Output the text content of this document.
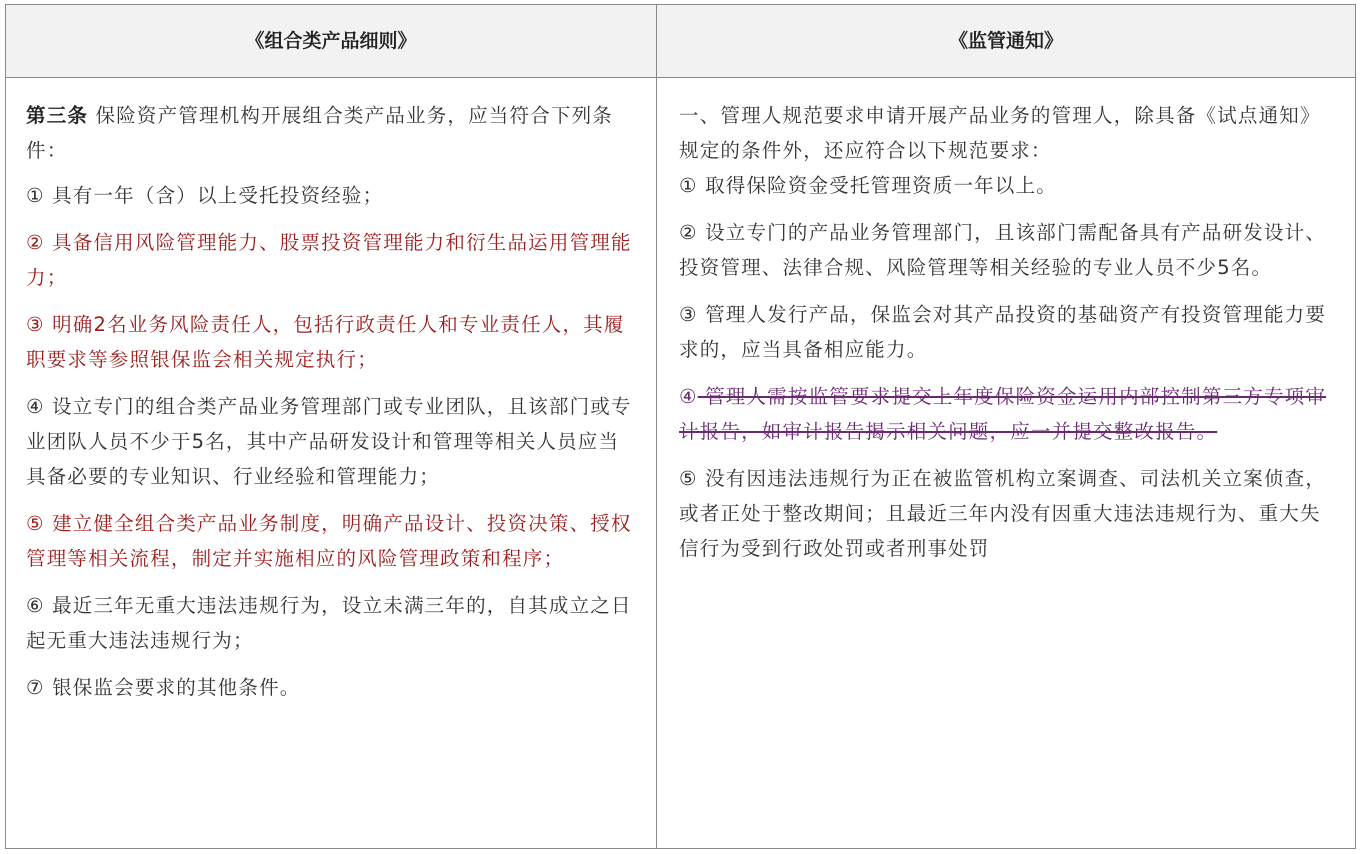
《组合类产品细则》	《监管通知》

第三条 保险资产管理机构开展组合类产品业务，应当符合下列条件：

① 具有一年（含）以上受托投资经验；

② 具备信用风险管理能力、股票投资管理能力和衍生品运用管理能力；

③ 明确2名业务风险责任人，包括行政责任人和专业责任人，其履职要求等参照银保监会相关规定执行；

④ 设立专门的组合类产品业务管理部门或专业团队，且该部门或专业团队人员不少于5名，其中产品研发设计和管理等相关人员应当具备必要的专业知识、行业经验和管理能力；

⑤ 建立健全组合类产品业务制度，明确产品设计、投资决策、授权管理等相关流程，制定并实施相应的风险管理政策和程序；

⑥ 最近三年无重大违法违规行为，设立未满三年的，自其成立之日起无重大违法违规行为；

⑦ 银保监会要求的其他条件。

一、管理人规范要求申请开展产品业务的管理人，除具备《试点通知》规定的条件外，还应符合以下规范要求：

① 取得保险资金受托管理资质一年以上。

② 设立专门的产品业务管理部门，且该部门需配备具有产品研发设计、投资管理、法律合规、风险管理等相关经验的专业人员不少5名。

③ 管理人发行产品，保监会对其产品投资的基础资产有投资管理能力要求的，应当具备相应能力。

④ 管理人需按监管要求提交上年度保险资金运用内部控制第三方专项审计报告，如审计报告揭示相关问题，应一并提交整改报告。

⑤ 没有因违法违规行为正在被监管机构立案调查、司法机关立案侦查，或者正处于整改期间；且最近三年内没有因重大违法违规行为、重大失信行为受到行政处罚或者刑事处罚
